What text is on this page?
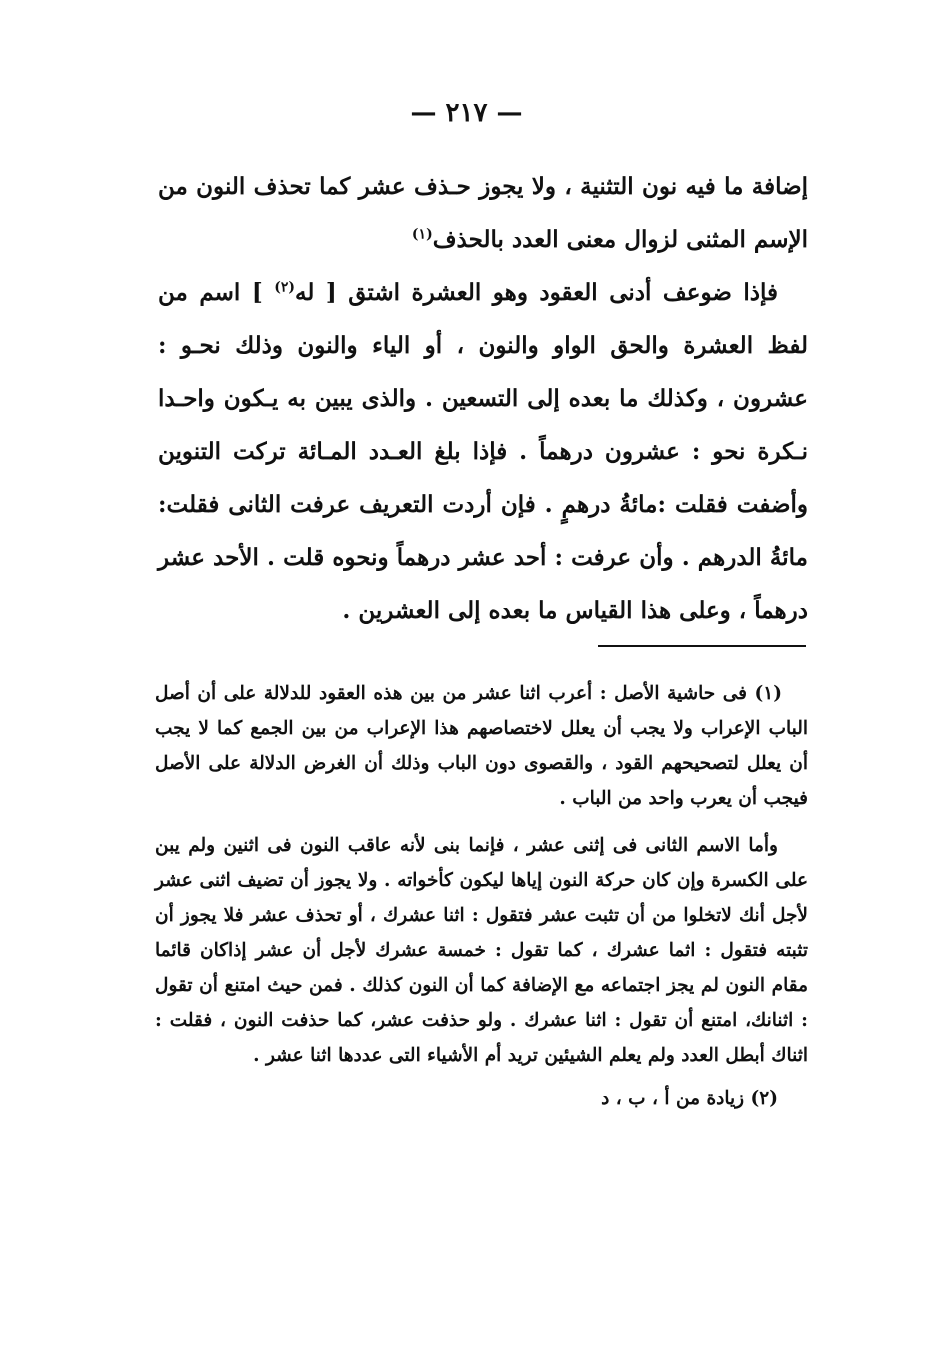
— ٢١٧ —

إضافة ما فيه نون التثنية ، ولا يجوز حـذف عشر كما تحذف النون من الإسم المثنى لزوال معنى العدد بالحذف$^{(١)}$

فإذا ضوعف أدنى العقود وهو العشرة اشتق [ له$^{(٢)}$ ] اسم من لفظ العشرة والحق الواو والنون ، أو الياء والنون وذلك نحـو : عشرون ، وكذلك ما بعده إلى التسعين . والذى يبين به يـكون واحـدا نـكرة نحو : عشرون درهماً . فإذا بلغ العـدد المـائة تركت التنوين وأضفت فقلت :مائةُ درهمٍ . فإن أردت التعريف عرفت الثانى فقلت: مائةُ الدرهم . وأن عرفت : أحد عشر درهماً ونحوه قلت . الأحد عشر درهماً ، وعلى هذا القياس ما بعده إلى العشرين .

(١) فى حاشية الأصل : أعرب اثنا عشر من بين هذه العقود للدلالة على أن أصل الباب الإعراب ولا يجب أن يعلل لاختصاصهم هذا الإعراب من بين الجمع كما لا يجب أن يعلل لتصحيحهم القود ، والقصوى دون الباب وذلك أن الغرض الدلالة على الأصل فيجب أن يعرب واحد من الباب .

وأما الاسم الثانى فى إثنى عشر ، فإنما بنى لأنه عاقب النون فى اثنين ولم يبن على الكسرة وإن كان حركة النون إياها ليكون كأخواته . ولا يجوز أن تضيف اثنى عشر لأجل أنك لاتخلوا من أن تثبت عشر فتقول : اثنا عشرك ، أو تحذف عشر فلا يجوز أن تثبته فتقول : اثما عشرك ، كما تقول : خمسة عشرك لأجل أن عشر إذاكان قائما مقام النون لم يجز اجتماعه مع الإضافة كما أن النون كذلك . فمن حيث امتنع أن تقول : اثنانك، امتنع أن تقول : اثنا عشرك . ولو حذفت عشر، كما حذفت النون ، فقلت : اثناك أبطل العدد ولم يعلم الشيئين تريد أم الأشياء التى عددها اثنا عشر .

(٢) زيادة من أ ، ب ، د
